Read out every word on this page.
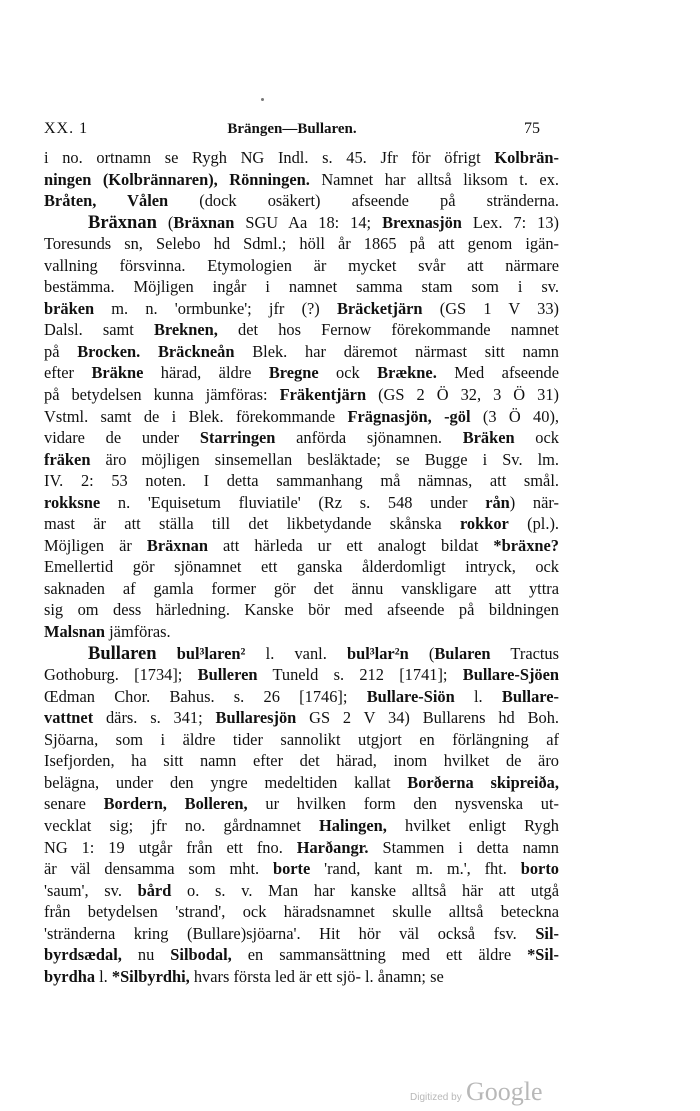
XX. 1	Brängen—Bullaren.	75
i no. ortnamn se Rygh NG Indl. s. 45. Jfr för öfrigt Kolbrän-
ningen (Kolbrännaren), Rönningen. Namnet har alltså liksom t. ex.
Bråten, Vålen (dock osäkert) afseende på stränderna.
Bräxnan (Bräxnan SGU Aa 18: 14; Brexnasjön Lex. 7: 13)
Toresunds sn, Selebo hd Sdml.; höll år 1865 på att genom igän-
vallning försvinna. Etymologien är mycket svår att närmare
bestämma. Möjligen ingår i namnet samma stam som i sv.
bräken m. n. 'ormbunke'; jfr (?) Bräcketjärn (GS 1 V 33)
Dalsl. samt Breknen, det hos Fernow förekommande namnet
på Brocken. Bräckneån Blek. har däremot närmast sitt namn
efter Bräkne härad, äldre Bregne ock Brækne. Med afseende
på betydelsen kunna jämföras: Fräkentjärn (GS 2 Ö 32, 3 Ö 31)
Vstml. samt de i Blek. förekommande Frägnasjön, -göl (3 Ö 40),
vidare de under Starringen anförda sjönamnen. Bräken ock
fräken äro möjligen sinsemellan besläktade; se Bugge i Sv. lm.
IV. 2: 53 noten. I detta sammanhang må nämnas, att smål.
rokksne n. 'Equisetum fluviatile' (Rz s. 548 under rån) när-
mast är att ställa till det likbetydande skånska rokkor (pl.).
Möjligen är Bräxnan att härleda ur ett analogt bildat *bräxne?
Emellertid gör sjönamnet ett ganska ålderdomligt intryck, ock
saknaden af gamla former gör det ännu vanskligare att yttra
sig om dess härledning. Kanske bör med afseende på bildningen
Malsnan jämföras.
Bullaren bul³laren² l. vanl. bul³lar²n (Bularen Tractus
Gothoburg. [1734]; Bulleren Tuneld s. 212 [1741]; Bullare-Sjöen
Œdman Chor. Bahus. s. 26 [1746]; Bullare-Siön l. Bullare-
vattnet därs. s. 341; Bullaresjön GS 2 V 34) Bullarens hd Boh.
Sjöarna, som i äldre tider sannolikt utgjort en förlängning af
Isefjorden, ha sitt namn efter det härad, inom hvilket de äro
belägna, under den yngre medeltiden kallat Borðerna skipreiða,
senare Bordern, Bolleren, ur hvilken form den nysvenska ut-
vecklat sig; jfr no. gårdnamnet Halingen, hvilket enligt Rygh
NG 1: 19 utgår från ett fno. Harðangr. Stammen i detta namn
är väl densamma som mht. borte 'rand, kant m. m.', fht. borto
'saum', sv. bård o. s. v. Man har kanske alltså här att utgå
från betydelsen 'strand', ock häradsnamnet skulle alltså beteckna
'stränderna kring (Bullare)sjöarna'. Hit hör väl också fsv. Sil-
byrdsædal, nu Silbodal, en sammansättning med ett äldre *Sil-
byrdha l. *Silbyrdhi, hvars första led är ett sjö- l. ånamn; se
Digitized by Google
